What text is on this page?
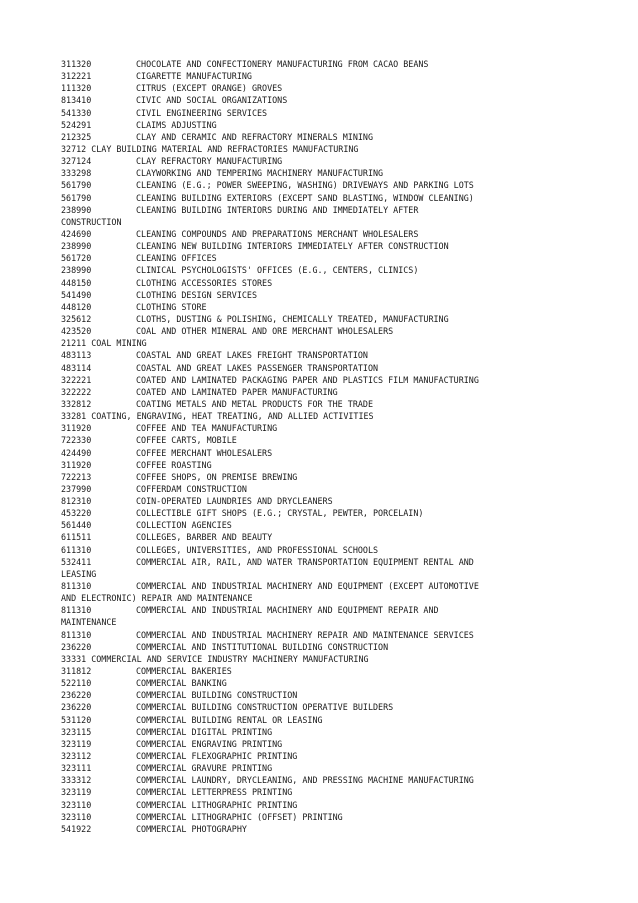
311320	CHOCOLATE AND CONFECTIONERY MANUFACTURING FROM CACAO BEANS
312221	CIGARETTE MANUFACTURING
111320	CITRUS (EXCEPT ORANGE) GROVES
813410	CIVIC AND SOCIAL ORGANIZATIONS
541330	CIVIL ENGINEERING SERVICES
524291	CLAIMS ADJUSTING
212325	CLAY AND CERAMIC AND REFRACTORY MINERALS MINING
32712 CLAY BUILDING MATERIAL AND REFRACTORIES MANUFACTURING
327124	CLAY REFRACTORY MANUFACTURING
333298	CLAYWORKING AND TEMPERING MACHINERY MANUFACTURING
561790	CLEANING (E.G.; POWER SWEEPING, WASHING) DRIVEWAYS AND PARKING LOTS
561790	CLEANING BUILDING EXTERIORS (EXCEPT SAND BLASTING, WINDOW CLEANING)
238990	CLEANING BUILDING INTERIORS DURING AND IMMEDIATELY AFTER
CONSTRUCTION
424690	CLEANING COMPOUNDS AND PREPARATIONS MERCHANT WHOLESALERS
238990	CLEANING NEW BUILDING INTERIORS IMMEDIATELY AFTER CONSTRUCTION
561720	CLEANING OFFICES
238990	CLINICAL PSYCHOLOGISTS' OFFICES (E.G., CENTERS, CLINICS)
448150	CLOTHING ACCESSORIES STORES
541490	CLOTHING DESIGN SERVICES
448120	CLOTHING STORE
325612	CLOTHS, DUSTING & POLISHING, CHEMICALLY TREATED, MANUFACTURING
423520	COAL AND OTHER MINERAL AND ORE MERCHANT WHOLESALERS
21211 COAL MINING
483113	COASTAL AND GREAT LAKES FREIGHT TRANSPORTATION
483114	COASTAL AND GREAT LAKES PASSENGER TRANSPORTATION
322221	COATED AND LAMINATED PACKAGING PAPER AND PLASTICS FILM MANUFACTURING
322222	COATED AND LAMINATED PAPER MANUFACTURING
332812	COATING METALS AND METAL PRODUCTS FOR THE TRADE
33281 COATING, ENGRAVING, HEAT TREATING, AND ALLIED ACTIVITIES
311920	COFFEE AND TEA MANUFACTURING
722330	COFFEE CARTS, MOBILE
424490	COFFEE MERCHANT WHOLESALERS
311920	COFFEE ROASTING
722213	COFFEE SHOPS, ON PREMISE BREWING
237990	COFFERDAM CONSTRUCTION
812310	COIN-OPERATED LAUNDRIES AND DRYCLEANERS
453220	COLLECTIBLE GIFT SHOPS (E.G.; CRYSTAL, PEWTER, PORCELAIN)
561440	COLLECTION AGENCIES
611511	COLLEGES, BARBER AND BEAUTY
611310	COLLEGES, UNIVERSITIES, AND PROFESSIONAL SCHOOLS
532411	COMMERCIAL AIR, RAIL, AND WATER TRANSPORTATION EQUIPMENT RENTAL AND
LEASING
811310	COMMERCIAL AND INDUSTRIAL MACHINERY AND EQUIPMENT (EXCEPT AUTOMOTIVE
AND ELECTRONIC) REPAIR AND MAINTENANCE
811310	COMMERCIAL AND INDUSTRIAL MACHINERY AND EQUIPMENT REPAIR AND
MAINTENANCE
811310	COMMERCIAL AND INDUSTRIAL MACHINERY REPAIR AND MAINTENANCE SERVICES
236220	COMMERCIAL AND INSTITUTIONAL BUILDING CONSTRUCTION
33331 COMMERCIAL AND SERVICE INDUSTRY MACHINERY MANUFACTURING
311812	COMMERCIAL BAKERIES
522110	COMMERCIAL BANKING
236220	COMMERCIAL BUILDING CONSTRUCTION
236220	COMMERCIAL BUILDING CONSTRUCTION OPERATIVE BUILDERS
531120	COMMERCIAL BUILDING RENTAL OR LEASING
323115	COMMERCIAL DIGITAL PRINTING
323119	COMMERCIAL ENGRAVING PRINTING
323112	COMMERCIAL FLEXOGRAPHIC PRINTING
323111	COMMERCIAL GRAVURE PRINTING
333312	COMMERCIAL LAUNDRY, DRYCLEANING, AND PRESSING MACHINE MANUFACTURING
323119	COMMERCIAL LETTERPRESS PRINTING
323110	COMMERCIAL LITHOGRAPHIC PRINTING
323110	COMMERCIAL LITHOGRAPHIC (OFFSET) PRINTING
541922	COMMERCIAL PHOTOGRAPHY
